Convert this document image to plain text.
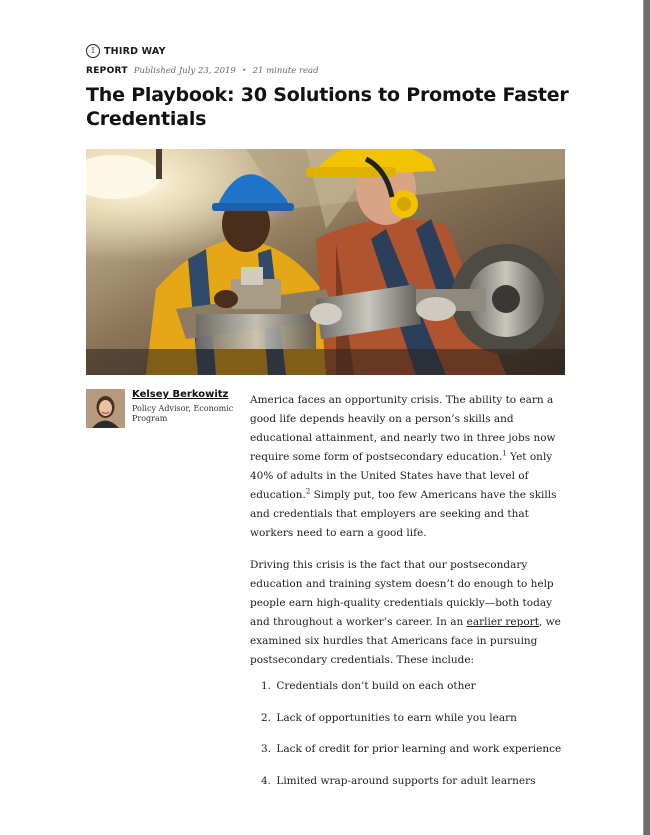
⟟ THIRD WAY
REPORT Published July 23, 2019 • 21 minute read
The Playbook: 30 Solutions to Promote Faster Credentials
Kelsey Berkowitz
Policy Advisor, Economic Program

America faces an opportunity crisis. The ability to earn a good life depends heavily on a person’s skills and educational attainment, and nearly two in three jobs now require some form of postsecondary education.$^1$ Yet only 40% of adults in the United States have that level of education.$^2$ Simply put, too few Americans have the skills and credentials that employers are seeking and that workers need to earn a good life.

Driving this crisis is the fact that our postsecondary education and training system doesn’t do enough to help people earn high-quality credentials quickly—both today and throughout a worker’s career. In an earlier report, we examined six hurdles that Americans face in pursuing postsecondary credentials. These include:

1. Credentials don’t build on each other
2. Lack of opportunities to earn while you learn
3. Lack of credit for prior learning and work experience
4. Limited wrap-around supports for adult learners
